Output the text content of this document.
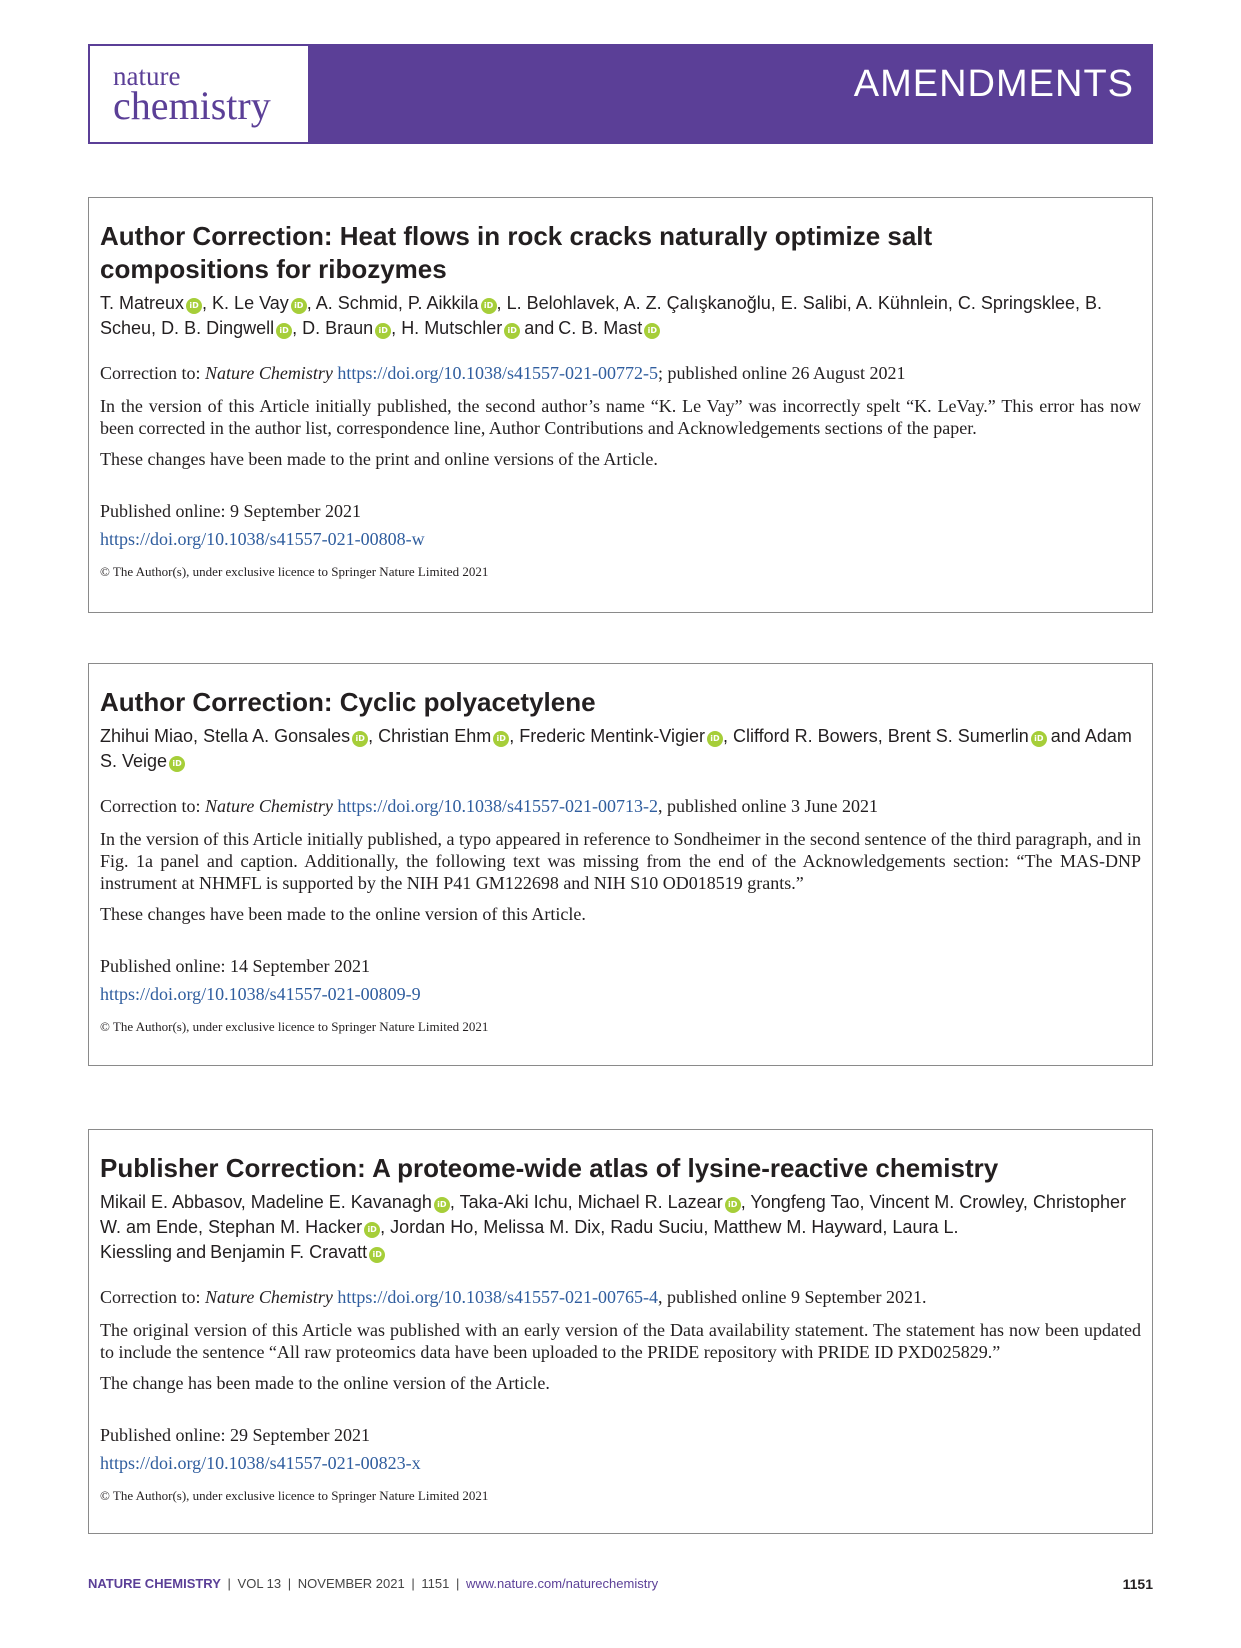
nature
chemistry	AMENDMENTS
Author Correction: Heat flows in rock cracks naturally optimize salt compositions for ribozymes
T. Matreux iD , K. Le Vay iD , A. Schmid, P. Aikkila iD , L. Belohlavek, A. Z. Çalışkanoğlu, E. Salibi, A. Kühnlein, C. Springsklee, B. Scheu, D. B. Dingwell iD , D. Braun iD , H. Mutschler iD and C. B. Mast iD
Correction to: Nature Chemistry https://doi.org/10.1038/s41557-021-00772-5; published online 26 August 2021
In the version of this Article initially published, the second author’s name “K. Le Vay” was incorrectly spelt “K. LeVay.” This error has now been corrected in the author list, correspondence line, Author Contributions and Acknowledgements sections of the paper.
These changes have been made to the print and online versions of the Article.
Published online: 9 September 2021
https://doi.org/10.1038/s41557-021-00808-w
© The Author(s), under exclusive licence to Springer Nature Limited 2021
Author Correction: Cyclic polyacetylene
Zhihui Miao, Stella A. Gonsales iD , Christian Ehm iD , Frederic Mentink-Vigier iD , Clifford R. Bowers, Brent S. Sumerlin iD and Adam S. Veige iD
Correction to: Nature Chemistry https://doi.org/10.1038/s41557-021-00713-2, published online 3 June 2021
In the version of this Article initially published, a typo appeared in reference to Sondheimer in the second sentence of the third paragraph, and in Fig. 1a panel and caption. Additionally, the following text was missing from the end of the Acknowledgements section: “The MAS-DNP instrument at NHMFL is supported by the NIH P41 GM122698 and NIH S10 OD018519 grants.”
These changes have been made to the online version of this Article.
Published online: 14 September 2021
https://doi.org/10.1038/s41557-021-00809-9
© The Author(s), under exclusive licence to Springer Nature Limited 2021
Publisher Correction: A proteome-wide atlas of lysine-reactive chemistry
Mikail E. Abbasov, Madeline E. Kavanagh iD , Taka-Aki Ichu, Michael R. Lazear iD , Yongfeng Tao, Vincent M. Crowley, Christopher W. am Ende, Stephan M. Hacker iD , Jordan Ho, Melissa M. Dix, Radu Suciu, Matthew M. Hayward, Laura L. Kiessling and Benjamin F. Cravatt iD
Correction to: Nature Chemistry https://doi.org/10.1038/s41557-021-00765-4, published online 9 September 2021.
The original version of this Article was published with an early version of the Data availability statement. The statement has now been updated to include the sentence “All raw proteomics data have been uploaded to the PRIDE repository with PRIDE ID PXD025829.”
The change has been made to the online version of the Article.
Published online: 29 September 2021
https://doi.org/10.1038/s41557-021-00823-x
© The Author(s), under exclusive licence to Springer Nature Limited 2021
NATURE CHEMISTRY | VOL 13 | NOVEMBER 2021 | 1151 | www.nature.com/naturechemistry	1151
